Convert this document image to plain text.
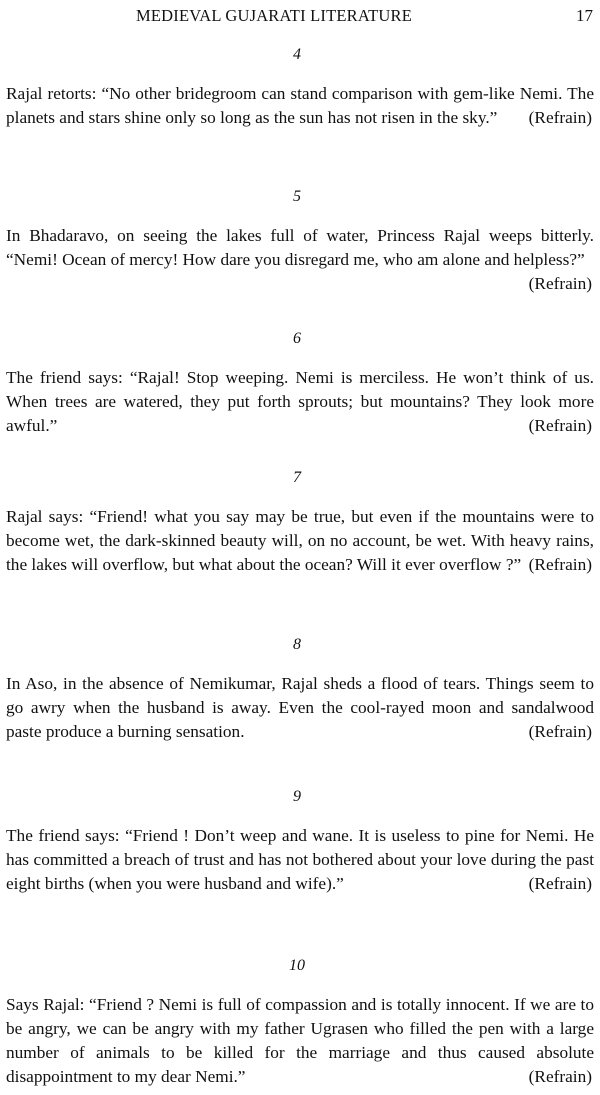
MEDIEVAL GUJARATI LITERATURE	17
4
Rajal retorts: “No other bridegroom can stand comparison with gem-like Nemi. The planets and stars shine only so long as the sun has not risen in the sky.” (Refrain)
5
In Bhadaravo, on seeing the lakes full of water, Princess Rajal weeps bitterly. “Nemi! Ocean of mercy! How dare you disregard me, who am alone and helpless?”
(Refrain)
6
The friend says: “Rajal! Stop weeping. Nemi is merciless. He won’t think of us. When trees are watered, they put forth sprouts; but mountains? They look more awful.”	(Refrain)
7
Rajal says: “Friend! what you say may be true, but even if the mountains were to become wet, the dark-skinned beauty will, on no account, be wet. With heavy rains, the lakes will overflow, but what about the ocean? Will it ever overflow ?” (Refrain)
8
In Aso, in the absence of Nemikumar, Rajal sheds a flood of tears. Things seem to go awry when the husband is away. Even the cool-rayed moon and sandalwood paste produce a burning sensation.	(Refrain)
9
The friend says: “Friend ! Don’t weep and wane. It is useless to pine for Nemi. He has committed a breach of trust and has not bothered about your love during the past eight births (when you were husband and wife).”	(Refrain)
10
Says Rajal: “Friend ? Nemi is full of compassion and is totally innocent. If we are to be angry, we can be angry with my father Ugrasen who filled the pen with a large number of animals to be killed for the marriage and thus caused absolute disappointment to my dear Nemi.”	(Refrain)
